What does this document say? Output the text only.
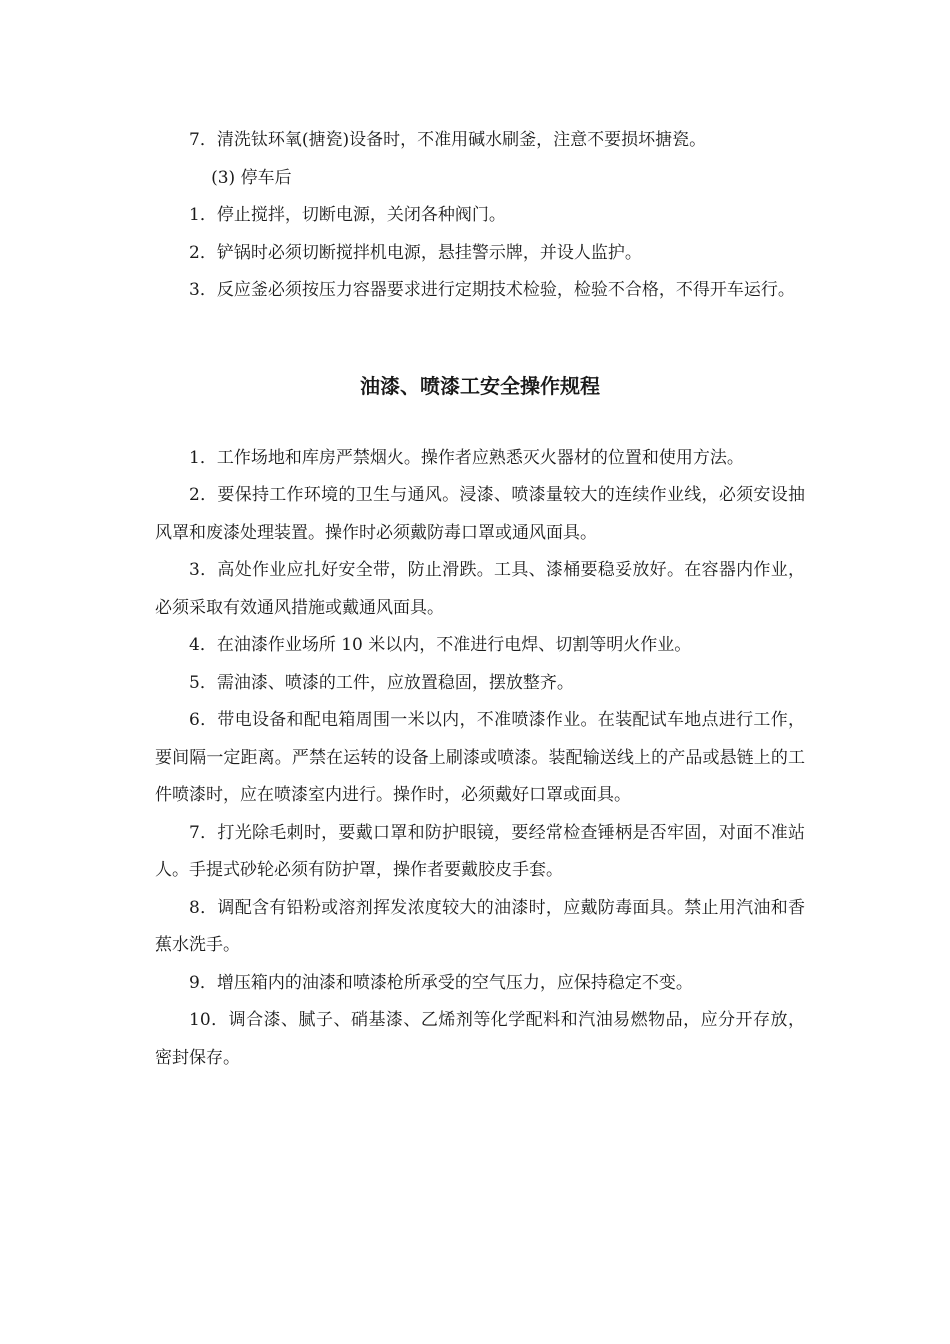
7．清洗钛环氧(搪瓷)设备时，不准用碱水刷釜，注意不要损坏搪瓷。

(3) 停车后

1．停止搅拌，切断电源，关闭各种阀门。

2．铲锅时必须切断搅拌机电源，悬挂警示牌，并设人监护。

3．反应釜必须按压力容器要求进行定期技术检验，检验不合格，不得开车运行。

油漆、喷漆工安全操作规程

1．工作场地和库房严禁烟火。操作者应熟悉灭火器材的位置和使用方法。

2．要保持工作环境的卫生与通风。浸漆、喷漆量较大的连续作业线，必须安设抽风罩和废漆处理装置。操作时必须戴防毒口罩或通风面具。

3．高处作业应扎好安全带，防止滑跌。工具、漆桶要稳妥放好。在容器内作业，必须采取有效通风措施或戴通风面具。

4．在油漆作业场所 10 米以内，不准进行电焊、切割等明火作业。

5．需油漆、喷漆的工件，应放置稳固，摆放整齐。

6．带电设备和配电箱周围一米以内，不准喷漆作业。在装配试车地点进行工作，要间隔一定距离。严禁在运转的设备上刷漆或喷漆。装配输送线上的产品或悬链上的工件喷漆时，应在喷漆室内进行。操作时，必须戴好口罩或面具。

7．打光除毛刺时，要戴口罩和防护眼镜，要经常检查锤柄是否牢固，对面不准站人。手提式砂轮必须有防护罩，操作者要戴胶皮手套。

8．调配含有铅粉或溶剂挥发浓度较大的油漆时，应戴防毒面具。禁止用汽油和香蕉水洗手。

9．增压箱内的油漆和喷漆枪所承受的空气压力，应保持稳定不变。

10．调合漆、腻子、硝基漆、乙烯剂等化学配料和汽油易燃物品，应分开存放，密封保存。
